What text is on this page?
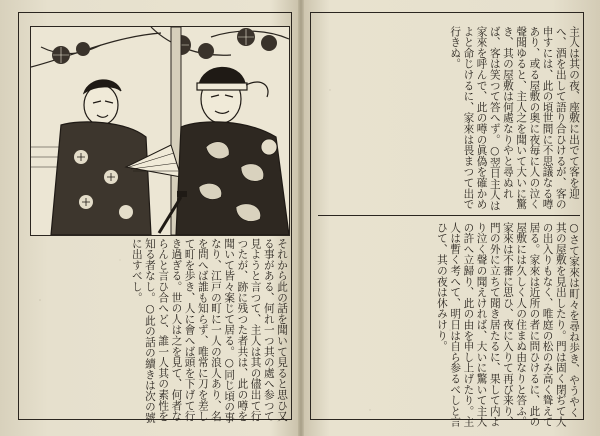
それから此の話を聞いて見ると思ひ又る事がある、何れ一つ其の處へ参つて見ようと言つて、主人は其の儘出て行つたが、跡に残つた者共は、此の噂を聞いて皆々案じて居る。○同じ頃の事なり、江戸の町に一人の浪人あり、名を問へば誰も知らず、唯常に刀を差して町を歩き、人に會へば頭を下げて行き過ぎる。世の人は之を見て、何者ならんと言ひ合へど、誰一人其の素性を知る者なし。○此の話の續きは次の號に出すべし。
主人は其の夜、座敷に出でて客を迎へ、酒を出して語り合ひけるが、客の申すには、此の頃世間に不思議なる噂あり、或る屋敷の奥に夜毎に人の泣く聲聞ゆると、主人之を聞いて大いに驚き、其の屋敷は何處なりやと尋ぬれば、客は笑つて答へず。○翌日主人は家來を呼んで、此の噂の眞偽を確かめよと命じけるに、家來は畏まつて出で行きぬ。
○さて家來は町々を尋ね歩き、やうやく其の屋敷を見出したり。門は固く閉ぢて人の出入りもなく、唯庭の松のみ高く聳えて居る。家來は近所の者に問ひけるに、此の屋敷には久しく人の住まぬ由なりと答ふ。家來は不審に思ひ、夜に入りて再び来り、門の外に立ちて聞き居たるに、果して内より泣く聲の聞えければ、大いに驚いて主人の許へ立歸り、此の由を申し上げたり。主人は暫く考へて、明日は自ら参るべしと言ひて、其の夜は休みけり。
